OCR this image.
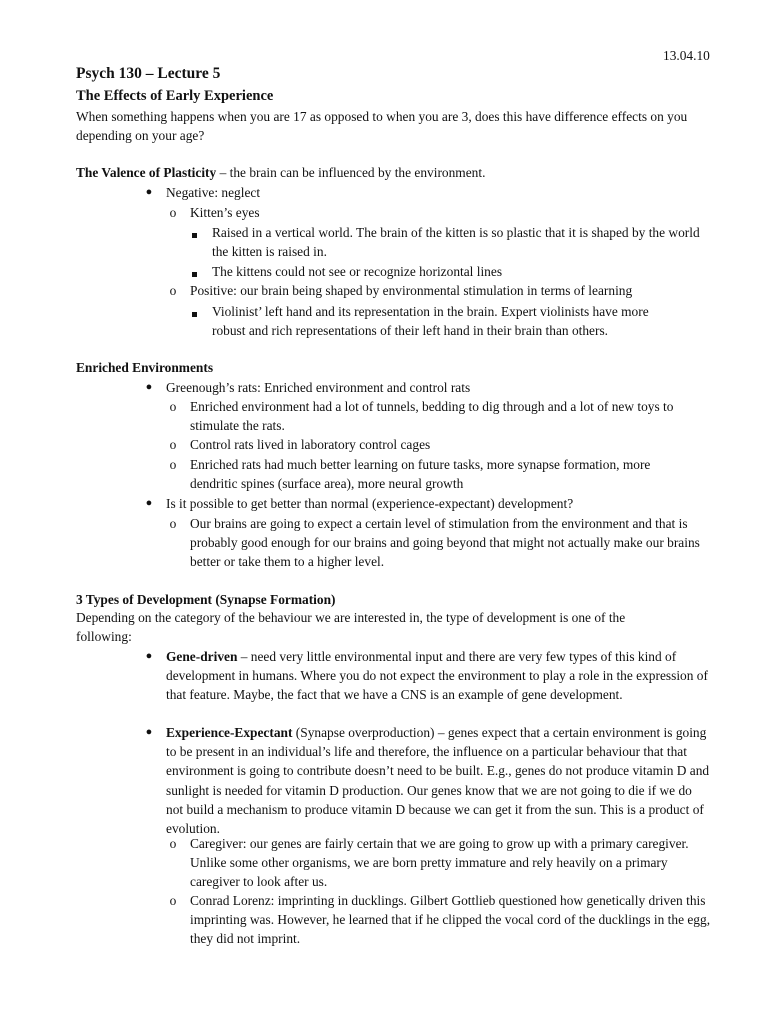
13.04.10
Psych 130 – Lecture 5
The Effects of Early Experience
When something happens when you are 17 as opposed to when you are 3, does this have difference effects on you depending on your age?
The Valence of Plasticity – the brain can be influenced by the environment.
● Negative: neglect
o Kitten’s eyes
Raised in a vertical world. The brain of the kitten is so plastic that it is shaped by the world the kitten is raised in.
The kittens could not see or recognize horizontal lines
o Positive: our brain being shaped by environmental stimulation in terms of learning
Violinist’ left hand and its representation in the brain. Expert violinists have more robust and rich representations of their left hand in their brain than others.
Enriched Environments
● Greenough’s rats: Enriched environment and control rats
o Enriched environment had a lot of tunnels, bedding to dig through and a lot of new toys to stimulate the rats.
o Control rats lived in laboratory control cages
o Enriched rats had much better learning on future tasks, more synapse formation, more dendritic spines (surface area), more neural growth
● Is it possible to get better than normal (experience-expectant) development?
o Our brains are going to expect a certain level of stimulation from the environment and that is probably good enough for our brains and going beyond that might not actually make our brains better or take them to a higher level.
3 Types of Development (Synapse Formation)
Depending on the category of the behaviour we are interested in, the type of development is one of the following:
● Gene-driven – need very little environmental input and there are very few types of this kind of development in humans. Where you do not expect the environment to play a role in the expression of that feature. Maybe, the fact that we have a CNS is an example of gene development.
● Experience-Expectant (Synapse overproduction) – genes expect that a certain environment is going to be present in an individual’s life and therefore, the influence on a particular behaviour that that environment is going to contribute doesn’t need to be built. E.g., genes do not produce vitamin D and sunlight is needed for vitamin D production. Our genes know that we are not going to die if we do not build a mechanism to produce vitamin D because we can get it from the sun. This is a product of evolution.
o Caregiver: our genes are fairly certain that we are going to grow up with a primary caregiver. Unlike some other organisms, we are born pretty immature and rely heavily on a primary caregiver to look after us.
o Conrad Lorenz: imprinting in ducklings. Gilbert Gottlieb questioned how genetically driven this imprinting was. However, he learned that if he clipped the vocal cord of the ducklings in the egg, they did not imprint.
